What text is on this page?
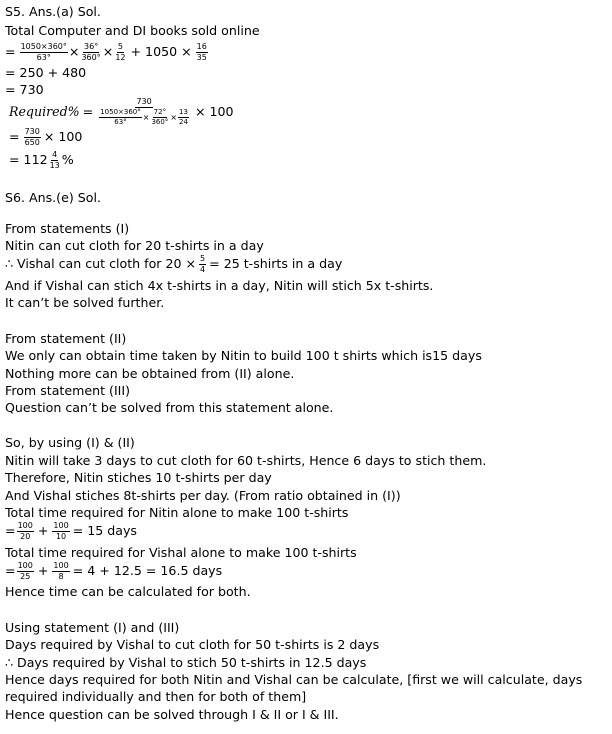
S5. Ans.(a) Sol.
Total Computer and DI books sold online
= $\frac{1050\times 360^\circ}{63^\circ} \times \frac{36^\circ}{360^\circ} \times \frac{5}{12} + 1050 \times \frac{16}{35}$
= 250 + 480
= 730
Required% =
730
$\frac{1050\times 360^\circ}{63^\circ} \times \frac{72^\circ}{360^\circ} \times \frac{13}{24} \times 100$
= $\frac{730}{650} \times 100$
= $112 \frac{4}{13}$ %
S6. Ans.(e) Sol.
From statements (I)
Nitin can cut cloth for 20 t-shirts in a day
∴ Vishal can cut cloth for $20 \times \frac{5}{4} = 25$ t-shirts in a day
And if Vishal can stich 4x t-shirts in a day, Nitin will stich 5x t-shirts.
It can’t be solved further.
From statement (II)
We only can obtain time taken by Nitin to build 100 t shirts which is15 days
Nothing more can be obtained from (II) alone.
From statement (III)
Question can’t be solved from this statement alone.
So, by using (I) & (II)
Nitin will take 3 days to cut cloth for 60 t-shirts, Hence 6 days to stich them.
Therefore, Nitin stiches 10 t-shirts per day
And Vishal stiches 8t-shirts per day. (From ratio obtained in (I))
Total time required for Nitin alone to make 100 t-shirts
= $\frac{100}{20} + \frac{100}{10} = 15$ days
Total time required for Vishal alone to make 100 t-shirts
= $\frac{100}{25} + \frac{100}{8} = 4 + 12.5 = 16.5$ days
Hence time can be calculated for both.
Using statement (I) and (III)
Days required by Vishal to cut cloth for 50 t-shirts is 2 days
∴ Days required by Vishal to stich 50 t-shirts in 12.5 days
Hence days required for both Nitin and Vishal can be calculate, [first we will calculate, days
required individually and then for both of them]
Hence question can be solved through I & II or I & III.
